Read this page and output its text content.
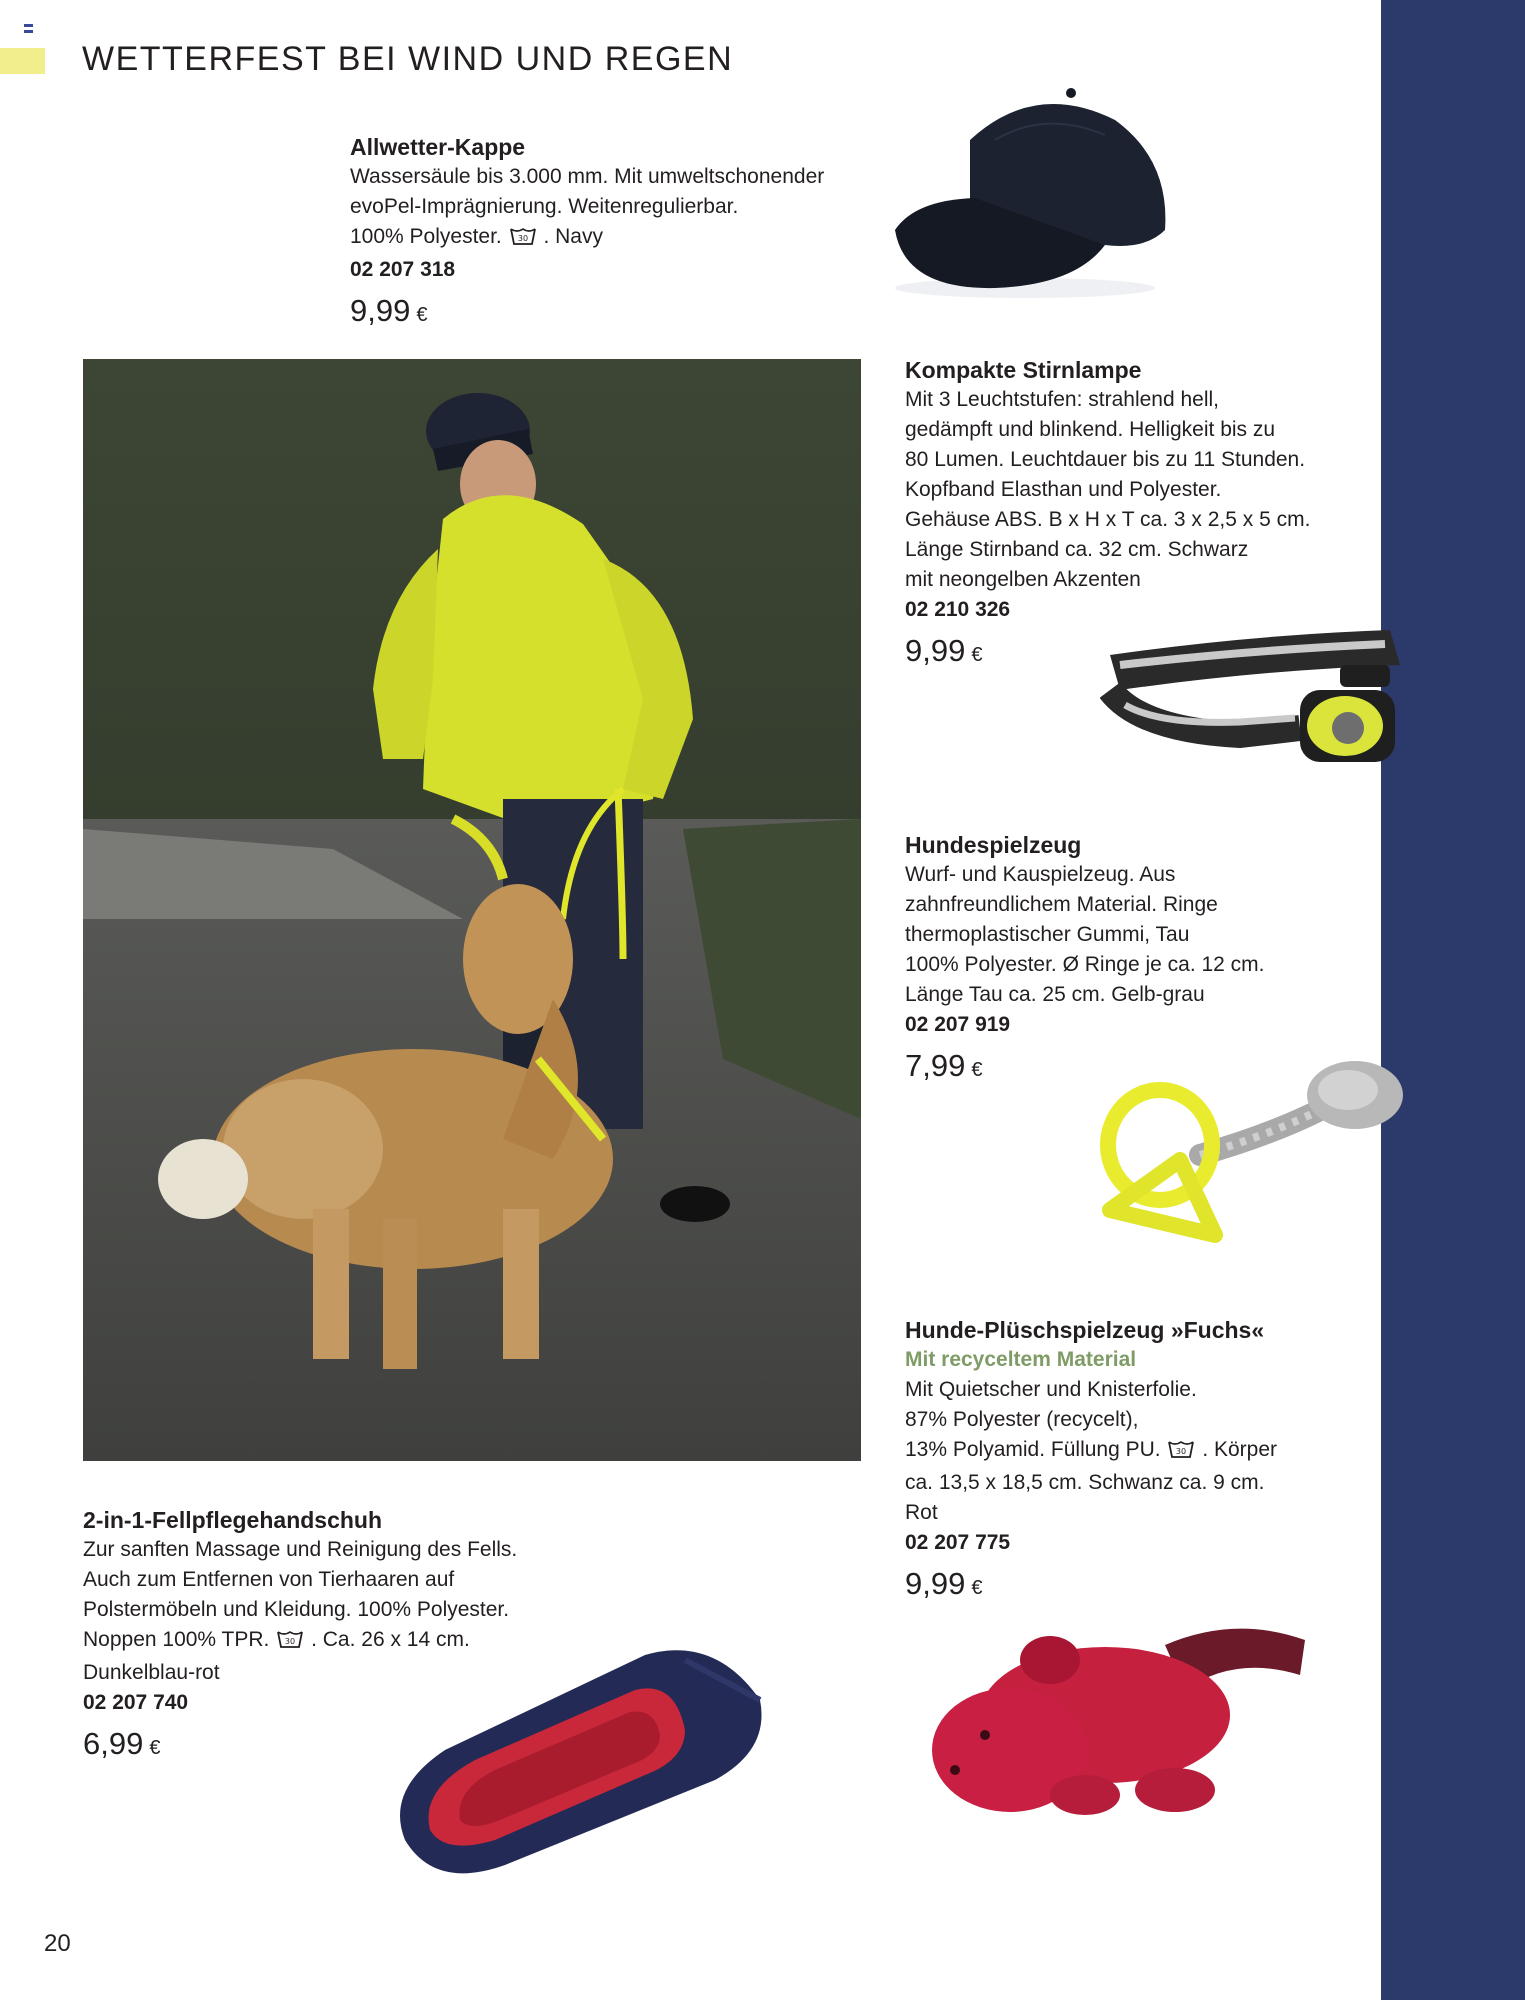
WETTERFEST BEI WIND UND REGEN
Allwetter-Kappe
Wassersäule bis 3.000 mm. Mit umweltschonender
evoPel-Imprägnierung. Weitenregulierbar.
100% Polyester. 30 . Navy
02 207 318
9,99 €
Kompakte Stirnlampe
Mit 3 Leuchtstufen: strahlend hell,
gedämpft und blinkend. Helligkeit bis zu
80 Lumen. Leuchtdauer bis zu 11 Stunden.
Kopfband Elasthan und Polyester.
Gehäuse ABS. B x H x T ca. 3 x 2,5 x 5 cm.
Länge Stirnband ca. 32 cm. Schwarz
mit neongelben Akzenten
02 210 326
9,99 €
Hundespielzeug
Wurf- und Kauspielzeug. Aus
zahnfreundlichem Material. Ringe
thermoplastischer Gummi, Tau
100% Polyester. Ø Ringe je ca. 12 cm.
Länge Tau ca. 25 cm. Gelb-grau
02 207 919
7,99 €
Hunde-Plüschspielzeug »Fuchs«
Mit recyceltem Material
Mit Quietscher und Knisterfolie.
87% Polyester (recycelt),
13% Polyamid. Füllung PU. 30 . Körper
ca. 13,5 x 18,5 cm. Schwanz ca. 9 cm.
Rot
02 207 775
9,99 €
2-in-1-Fellpflegehandschuh
Zur sanften Massage und Reinigung des Fells.
Auch zum Entfernen von Tierhaaren auf
Polstermöbeln und Kleidung. 100% Polyester.
Noppen 100% TPR. 30 . Ca. 26 x 14 cm.
Dunkelblau-rot
02 207 740
6,99 €
20
